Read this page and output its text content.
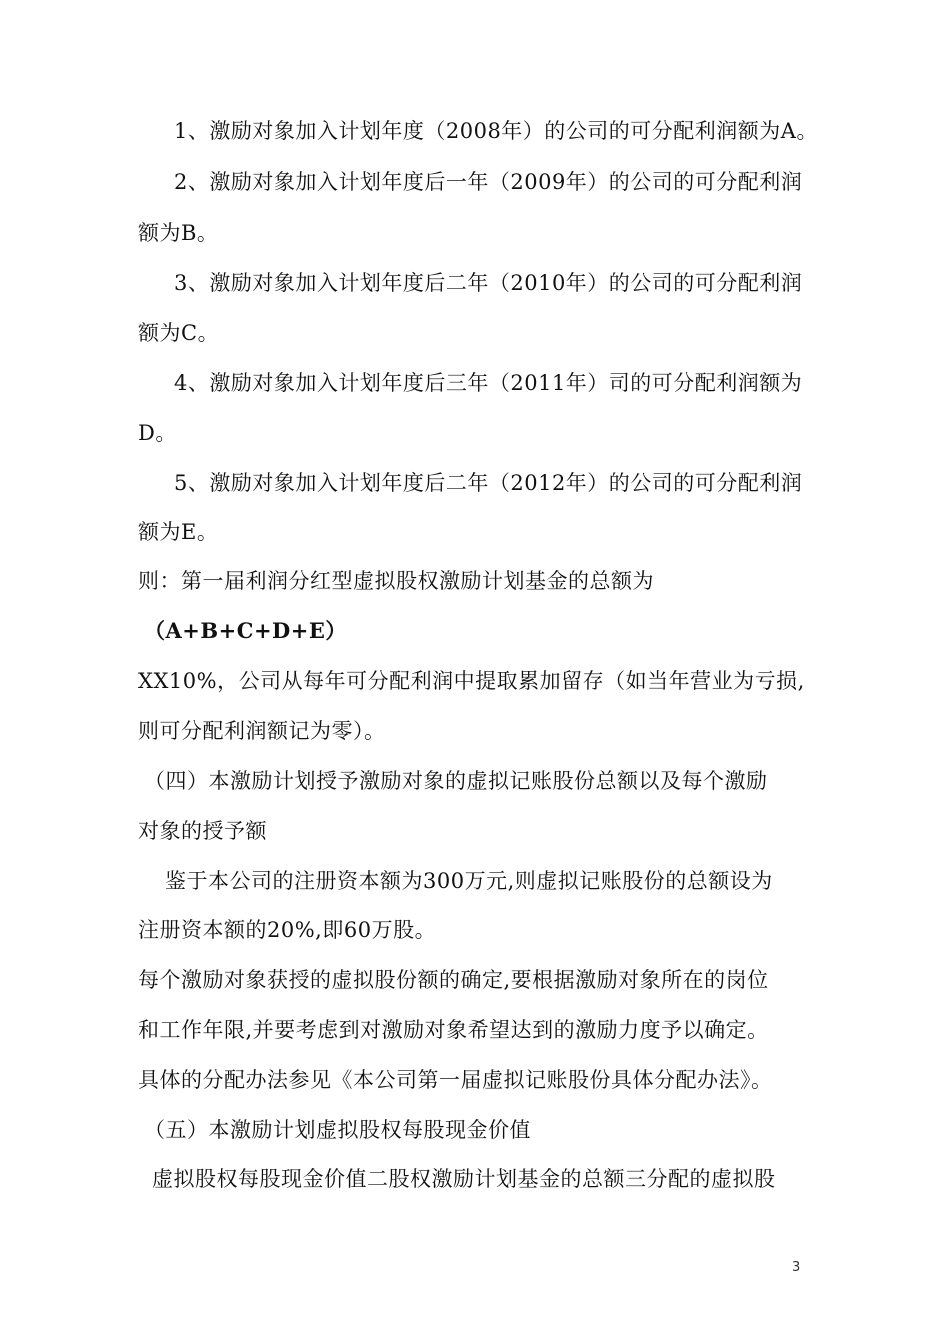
1、激励对象加入计划年度（2008年）的公司的可分配利润额为A。
2、激励对象加入计划年度后一年（2009年）的公司的可分配利润
额为B。
3、激励对象加入计划年度后二年（2010年）的公司的可分配利润
额为C。
4、激励对象加入计划年度后三年（2011年）司的可分配利润额为
D。
5、激励对象加入计划年度后二年（2012年）的公司的可分配利润
额为E。
则：第一届利润分红型虚拟股权激励计划基金的总额为
（A+B+C+D+E）
XX10%，公司从每年可分配利润中提取累加留存（如当年营业为亏损,
则可分配利润额记为零）。
（四）本激励计划授予激励对象的虚拟记账股份总额以及每个激励
对象的授予额
鉴于本公司的注册资本额为300万元,则虚拟记账股份的总额设为
注册资本额的20%,即60万股。
每个激励对象获授的虚拟股份额的确定,要根据激励对象所在的岗位
和工作年限,并要考虑到对激励对象希望达到的激励力度予以确定。
具体的分配办法参见《本公司第一届虚拟记账股份具体分配办法》。
（五）本激励计划虚拟股权每股现金价值
虚拟股权每股现金价值二股权激励计划基金的总额三分配的虚拟股
3
